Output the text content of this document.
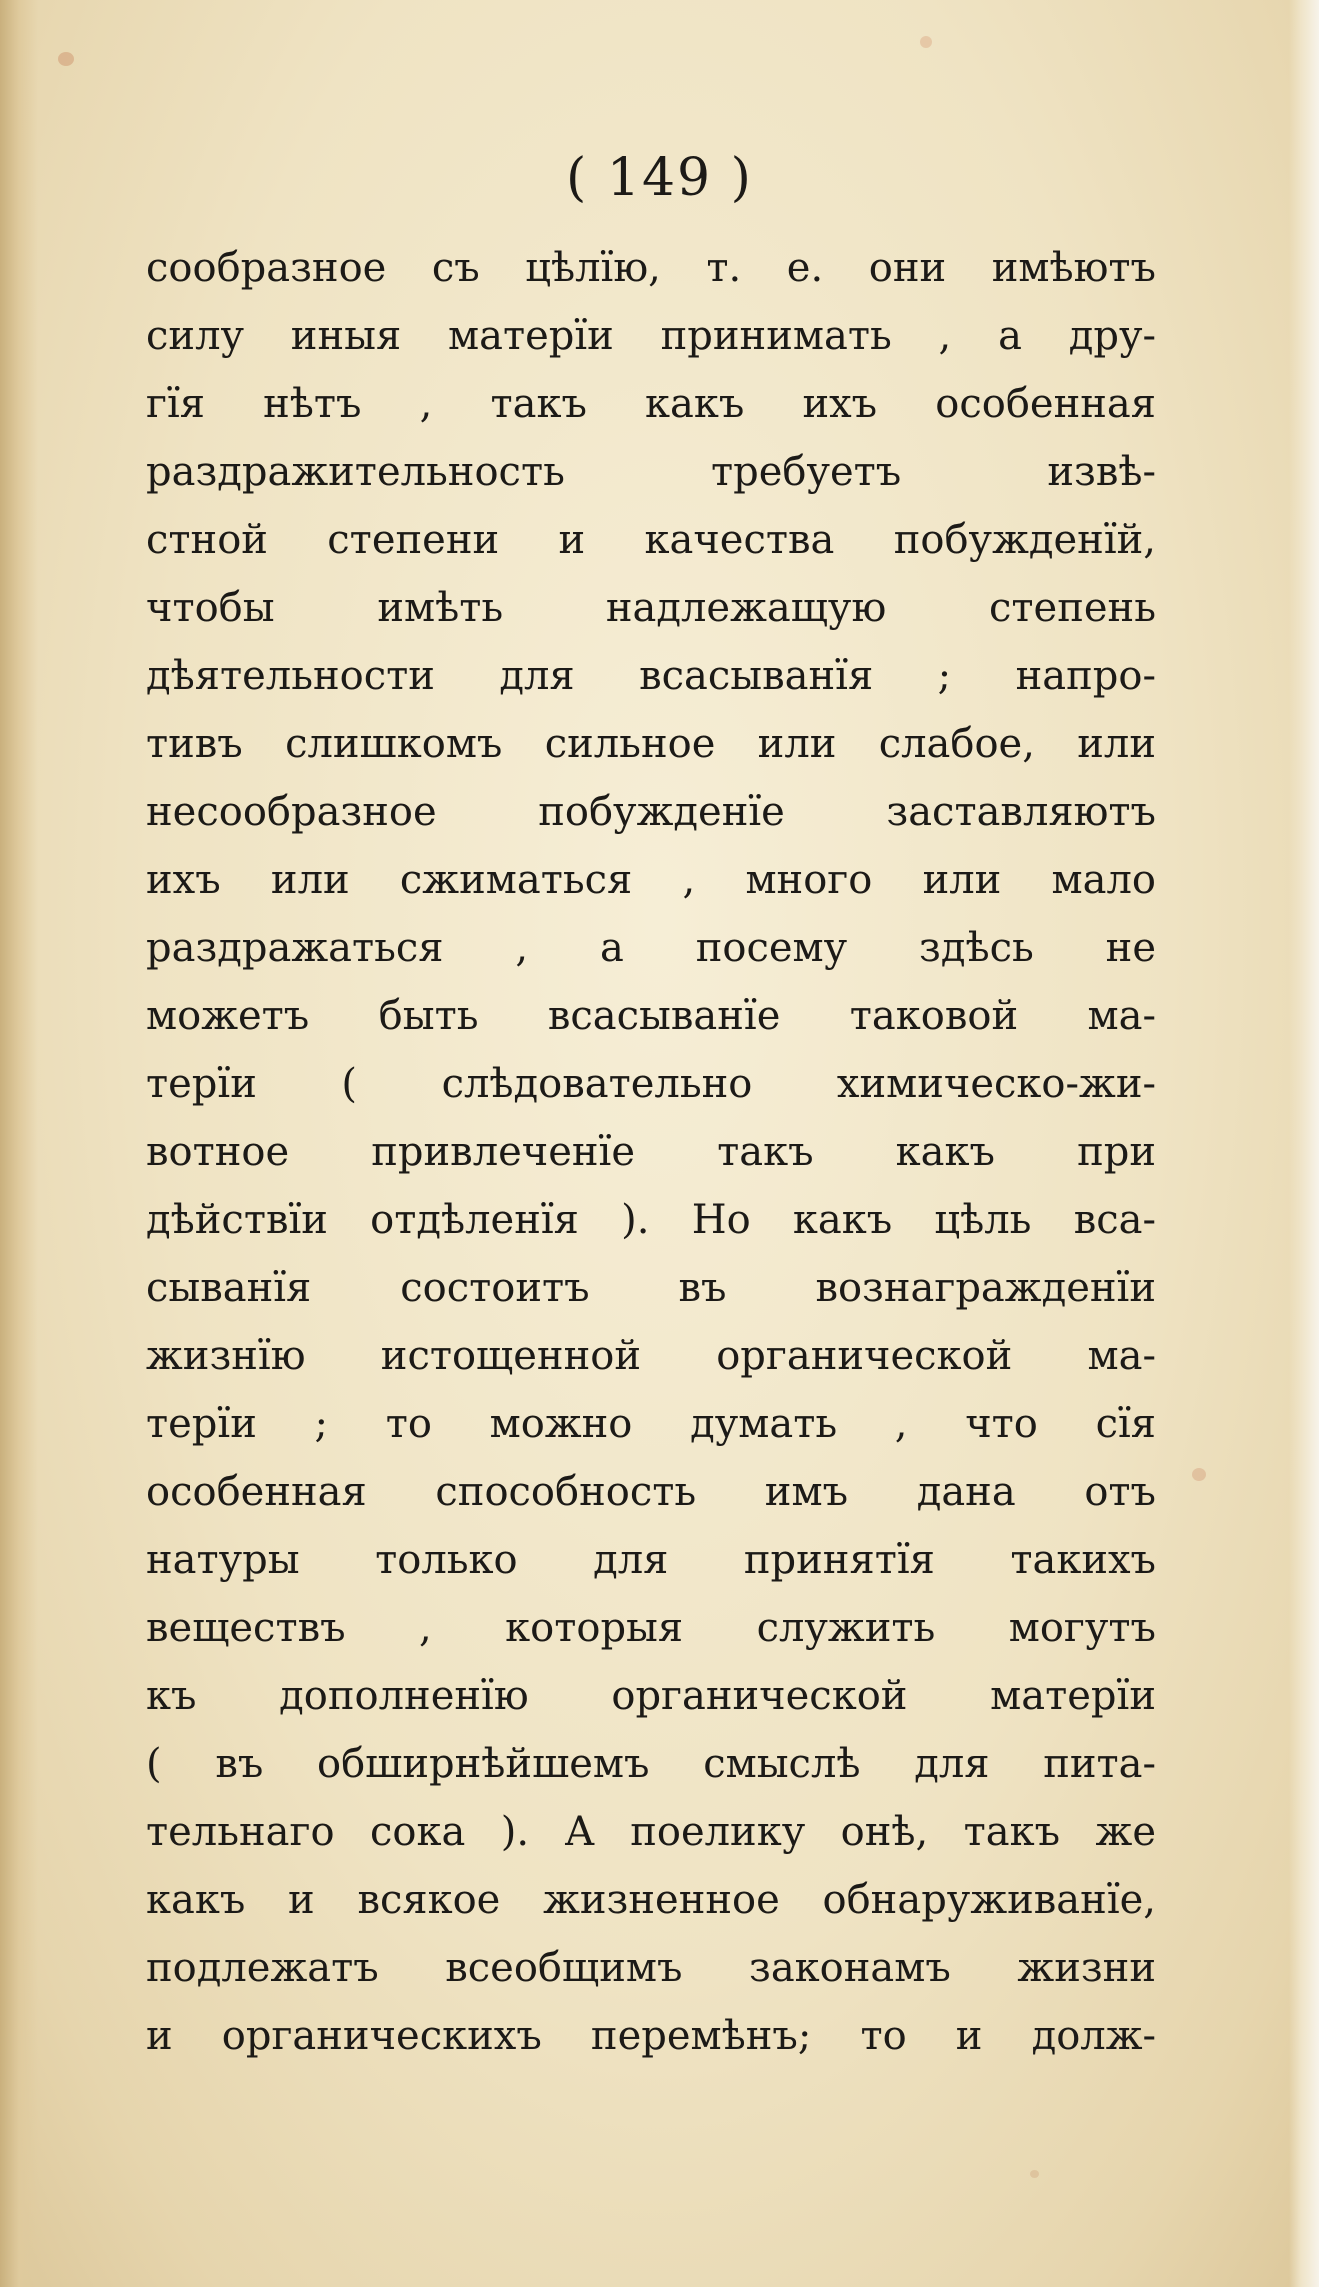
( 149 )
сообразное съ цѣлїю, т. е. они имѣютъ
силу иныя матерїи принимать , а дру-
гїя нѣтъ , такъ какъ ихъ особенная
раздражительность требуетъ извѣ-
стной степени и качества побужденїй,
чтобы имѣть надлежащую степень
дѣятельности для всасыванїя ; напро-
тивъ слишкомъ сильное или слабое, или
несообразное побужденїе заставляютъ
ихъ или сжиматься , много или мало
раздражаться , а посему здѣсь не
можетъ быть всасыванїе таковой ма-
терїи ( слѣдовательно химическо-жи-
вотное привлеченїе такъ какъ при
дѣйствїи отдѣленїя ). Но какъ цѣль вса-
сыванїя состоитъ въ вознагражденїи
жизнїю истощенной органической ма-
терїи ; то можно думать , что сїя
особенная способность имъ дана отъ
натуры только для принятїя такихъ
веществъ , которыя служить могутъ
къ дополненїю органической матерїи
( въ обширнѣйшемъ смыслѣ для пита-
тельнаго сока ). А поелику онѣ, такъ же
какъ и всякое жизненное обнаруживанїе,
подлежатъ всеобщимъ законамъ жизни
и органическихъ перемѣнъ; то и долж-
